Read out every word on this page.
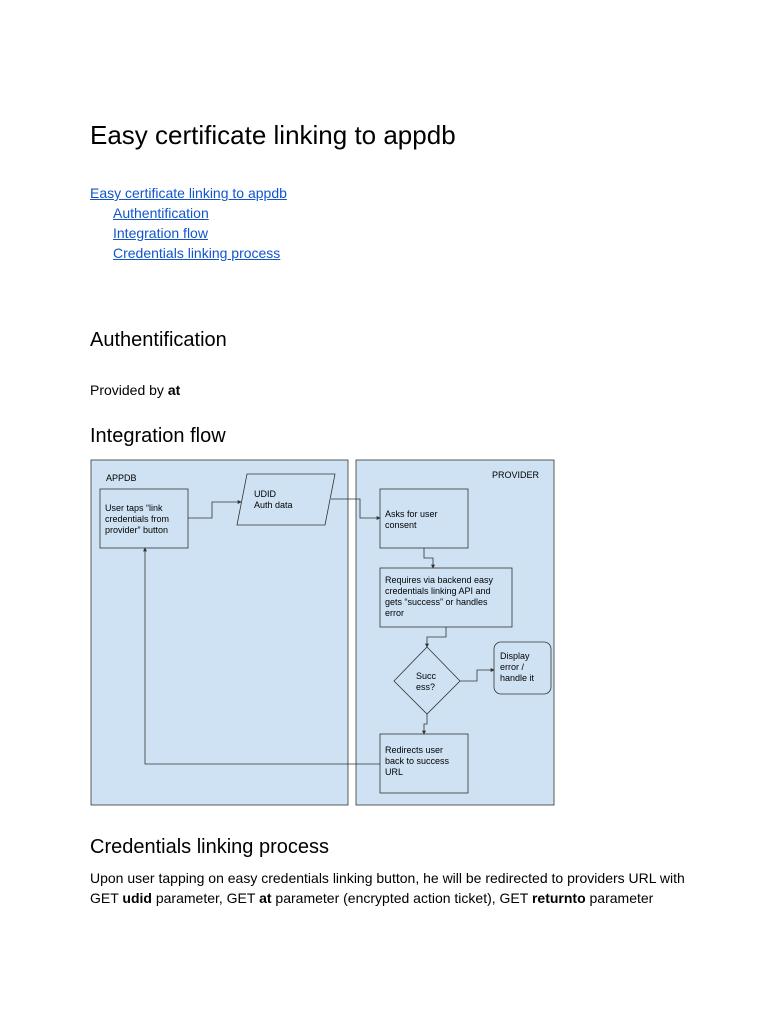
Easy certificate linking to appdb
Easy certificate linking to appdb
Authentification
Integration flow
Credentials linking process
Authentification

Provided by at

Integration flow
APPDB	PROVIDER
User taps “link
credentials from
provider” button
UDID
Auth data
Asks for user
consent
Requires via backend easy
credentials linking API and
gets “success” or handles
error
Succ
ess?
Display
error /
handle it
Redirects user
back to success
URL
Credentials linking process

Upon user tapping on easy credentials linking button, he will be redirected to providers URL with
GET udid parameter, GET at parameter (encrypted action ticket), GET returnto parameter
